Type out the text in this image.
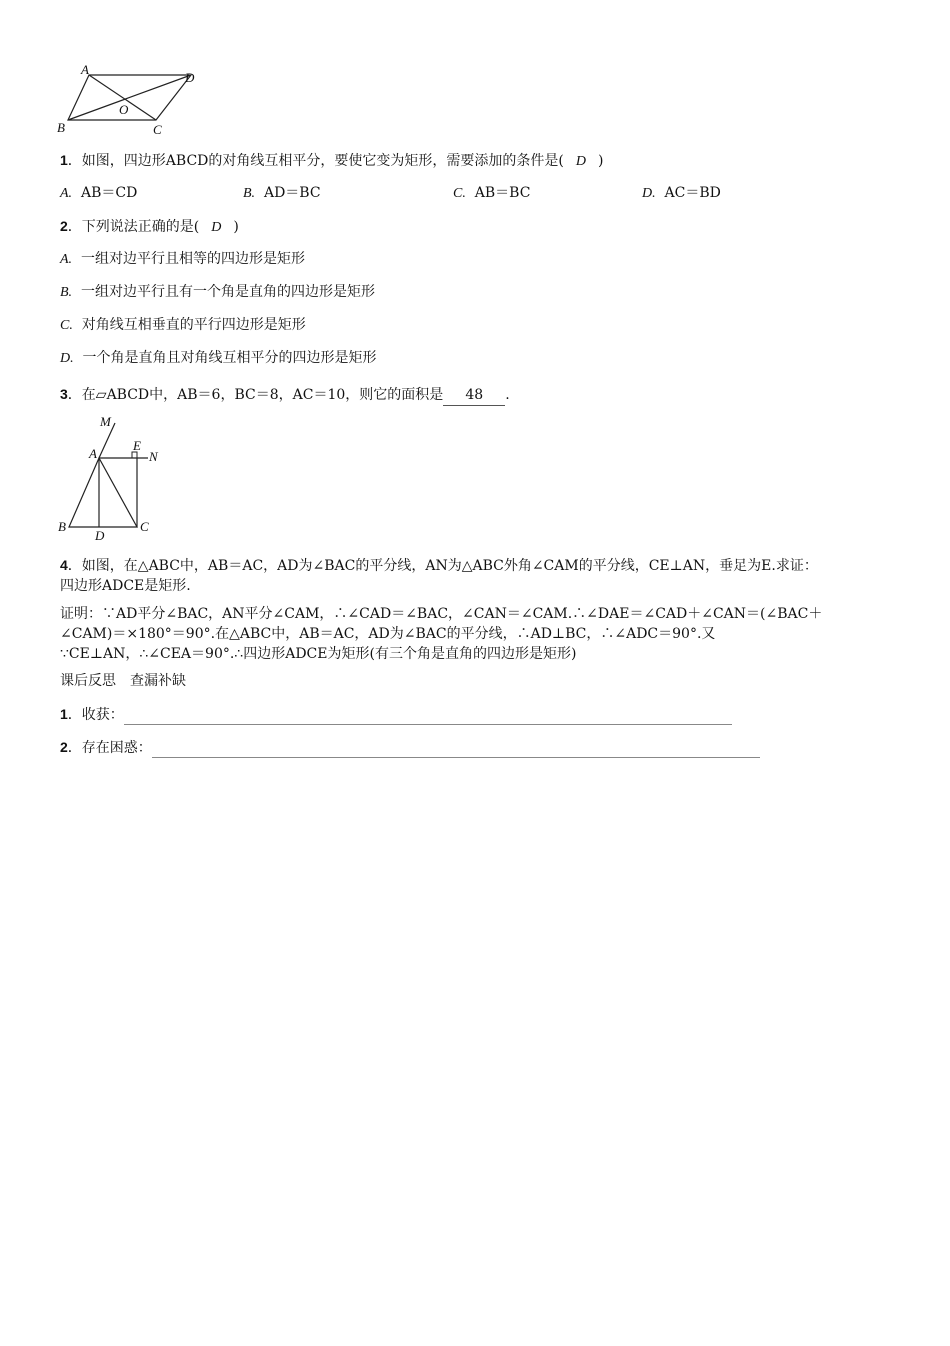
A
D
O
B	C
1．如图，四边形ABCD的对角线互相平分，要使它变为矩形，需要添加的条件是( D )
A. AB＝CD	B. AD＝BC	C. AB＝BC	D. AC＝BD
2．下列说法正确的是( D )
A. 一组对边平行且相等的四边形是矩形
B. 一组对边平行且有一个角是直角的四边形是矩形
C. 对角线互相垂直的平行四边形是矩形
D. 一个角是直角且对角线互相平分的四边形是矩形
3．在▱ABCD中，AB＝6，BC＝8，AC＝10，则它的面积是 48 .
M
A
E
N
B
D
C
4．如图，在△ABC中，AB＝AC，AD为∠BAC的平分线，AN为△ABC外角∠CAM的平分线，CE⊥AN，垂足为E.求证：
四边形ADCE是矩形.
证明：∵AD平分∠BAC，AN平分∠CAM，∴∠CAD＝∠BAC，∠CAN＝∠CAM.∴∠DAE＝∠CAD＋∠CAN＝(∠BAC＋
∠CAM)＝×180°＝90°.在△ABC中，AB＝AC，AD为∠BAC的平分线，∴AD⊥BC，∴∠ADC＝90°.又
∵CE⊥AN，∴∠CEA＝90°.∴四边形ADCE为矩形(有三个角是直角的四边形是矩形)
课后反思　查漏补缺
1．收获：
2．存在困惑：
